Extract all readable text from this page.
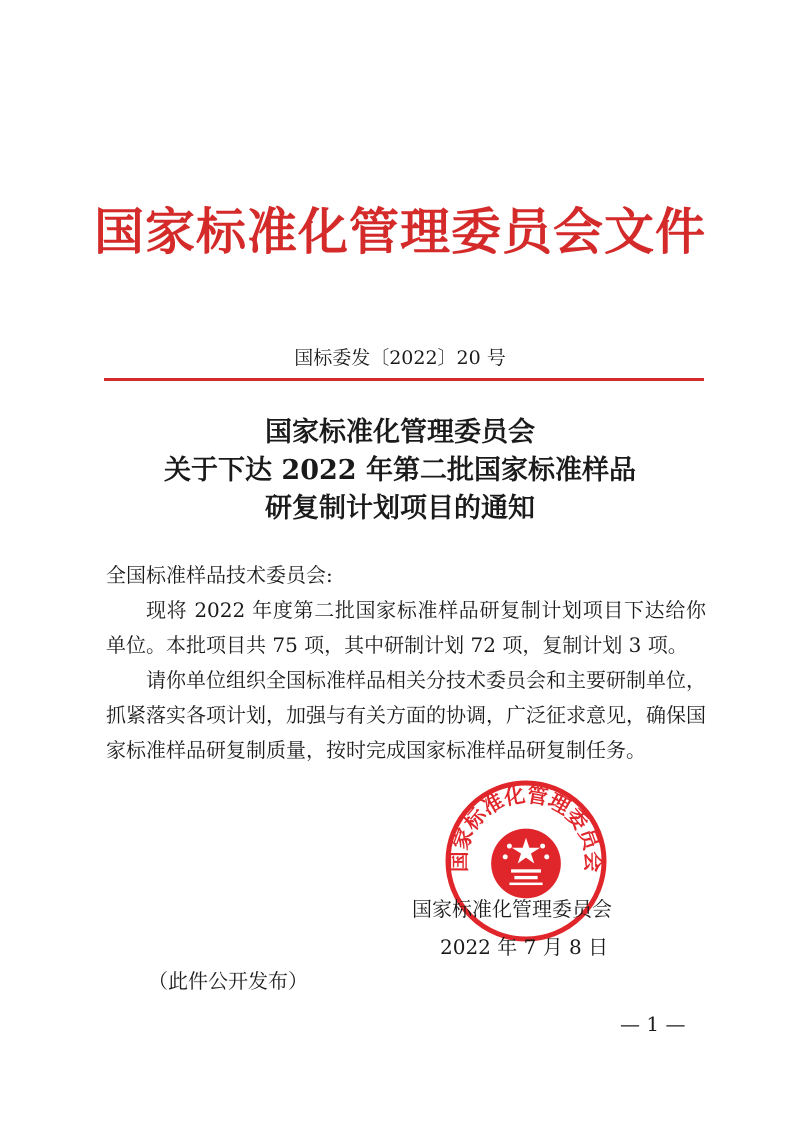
国家标准化管理委员会文件
国标委发〔2022〕20 号
国家标准化管理委员会
关于下达 2022 年第二批国家标准样品
研复制计划项目的通知
全国标准样品技术委员会:
现将 2022 年度第二批国家标准样品研复制计划项目下达给你单位。本批项目共 75 项，其中研制计划 72 项，复制计划 3 项。
请你单位组织全国标准样品相关分技术委员会和主要研制单位，抓紧落实各项计划，加强与有关方面的协调，广泛征求意见，确保国家标准样品研复制质量，按时完成国家标准样品研复制任务。
国家标准化管理委员会
国家标准化管理委员会
2022 年 7 月 8 日
（此件公开发布）
— 1 —
